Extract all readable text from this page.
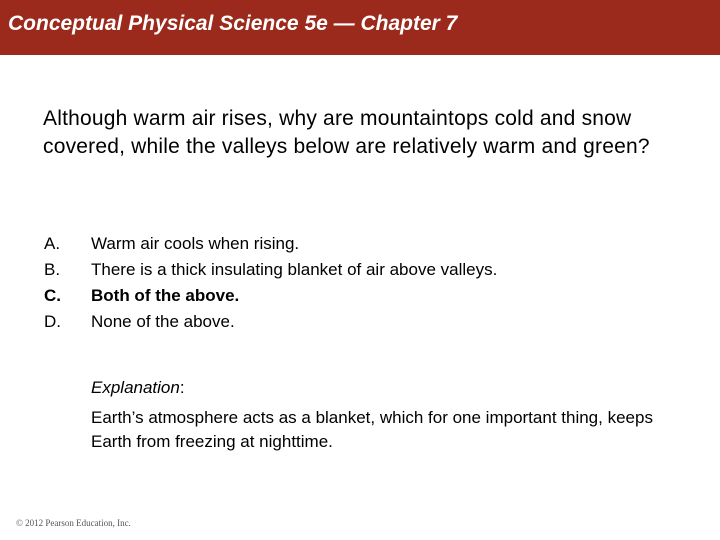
Conceptual Physical Science 5e — Chapter 7
Although warm air rises, why are mountaintops cold and snow covered, while the valleys below are relatively warm and green?
A. Warm air cools when rising.
B. There is a thick insulating blanket of air above valleys.
C. Both of the above.
D. None of the above.
Explanation:
Earth’s atmosphere acts as a blanket, which for one important thing, keeps Earth from freezing at nighttime.
© 2012 Pearson Education, Inc.
